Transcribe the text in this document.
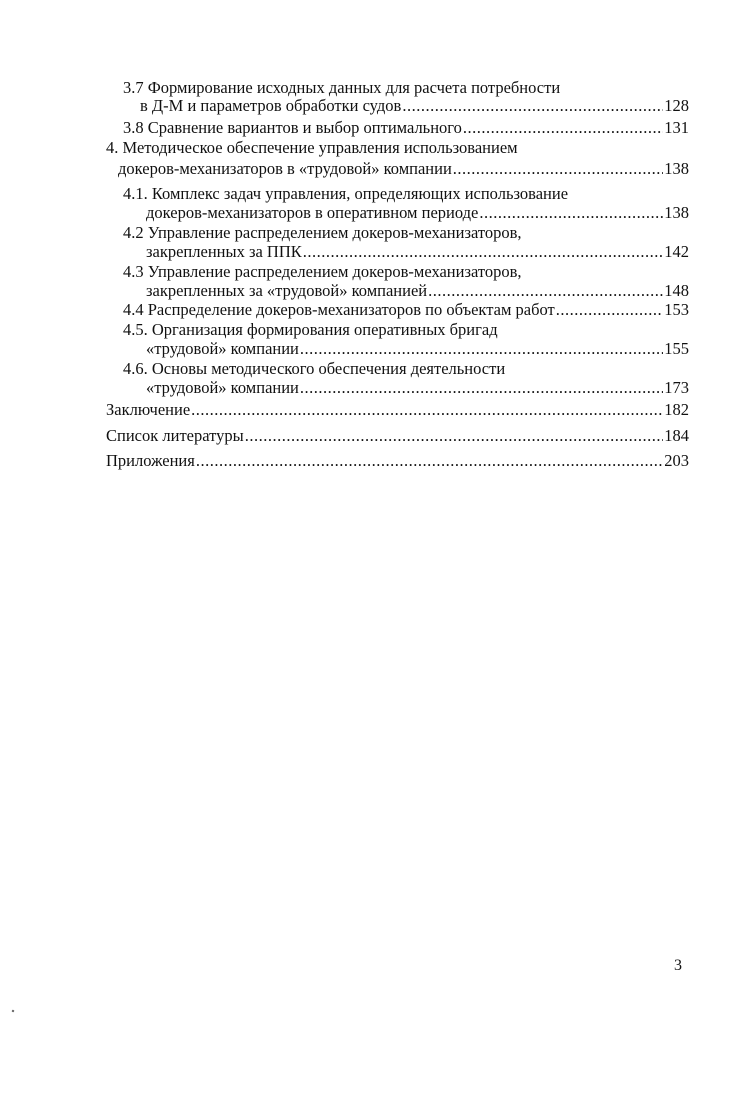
3.7 Формирование исходных данных для расчета потребности
в Д-М и параметров обработки судов .....	128
3.8 Сравнение вариантов и выбор оптимального .....	131
4. Методическое обеспечение управления использованием
докеров-механизаторов в «трудовой» компании .....	138
4.1. Комплекс задач управления, определяющих использование
докеров-механизаторов в оперативном периоде .....	138
4.2 Управление распределением докеров-механизаторов,
закрепленных за ППК .....	142
4.3 Управление распределением докеров-механизаторов,
закрепленных за «трудовой» компанией .....	148
4.4 Распределение докеров-механизаторов по объектам работ .....	153
4.5. Организация формирования оперативных бригад
«трудовой» компании .....	155
4.6. Основы методического обеспечения деятельности
«трудовой» компании .....	173
Заключение .....	182
Список литературы .....	184
Приложения .....	203
3
